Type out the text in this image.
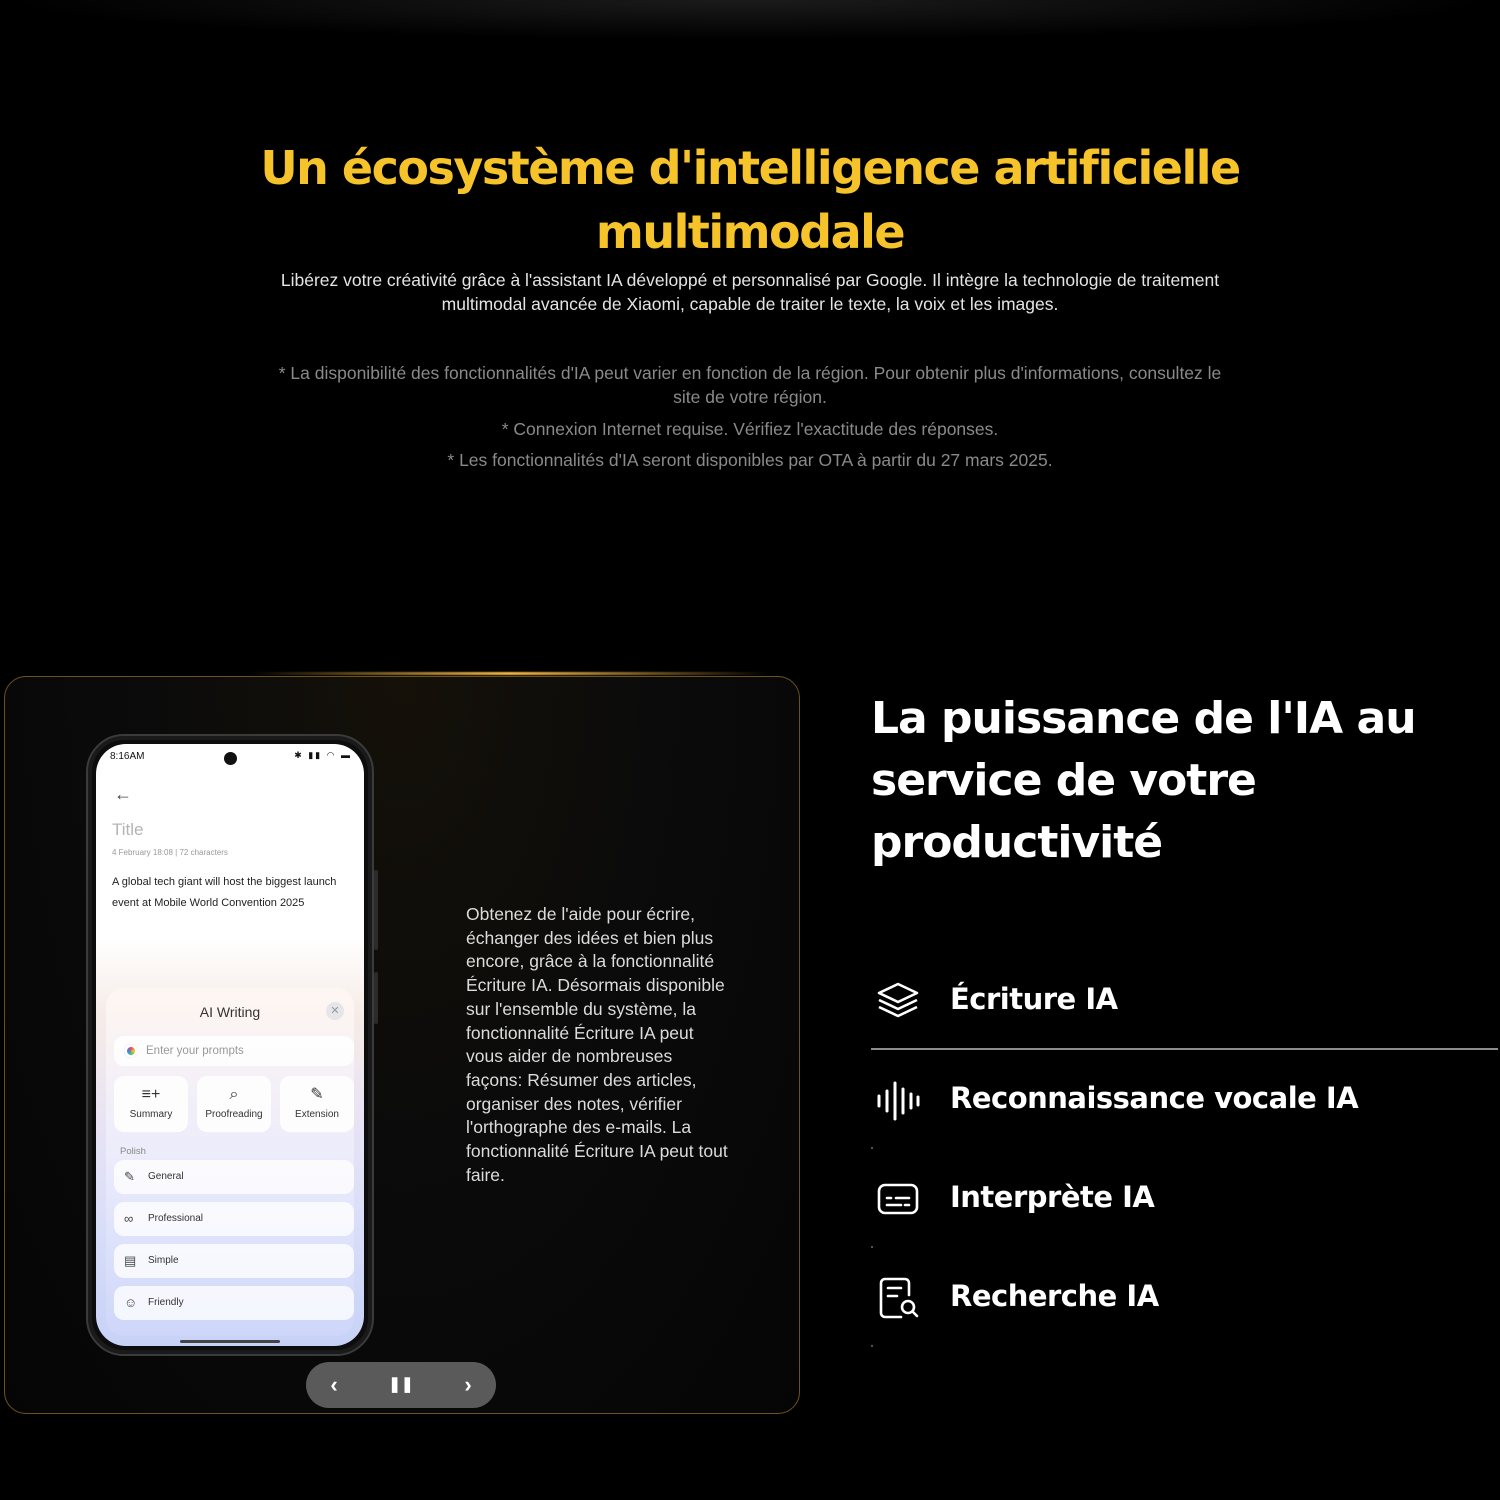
Un écosystème d'intelligence artificielle
multimodale

Libérez votre créativité grâce à l'assistant IA développé et personnalisé par Google. Il intègre la technologie de traitement multimodal avancée de Xiaomi, capable de traiter le texte, la voix et les images.

* La disponibilité des fonctionnalités d'IA peut varier en fonction de la région. Pour obtenir plus d'informations, consultez le site de votre région.

* Connexion Internet requise. Vérifiez l'exactitude des réponses.

* Les fonctionnalités d'IA seront disponibles par OTA à partir du 27 mars 2025.

8:16AM	✱ ▮▮ ◠ ▬
←
Title
4 February 18:08 | 72 characters
A global tech giant will host the biggest launch event at Mobile World Convention 2025
AI Writing	✕
Enter your prompts
≡+
Summary
⌕
Proofreading
✎
Extension
Polish
✎ General
∞ Professional
▤ Simple
☺ Friendly

Obtenez de l'aide pour écrire, échanger des idées et bien plus encore, grâce à la fonctionnalité Écriture IA. Désormais disponible sur l'ensemble du système, la fonctionnalité Écriture IA peut vous aider de nombreuses façons: Résumer des articles, organiser des notes, vérifier l'orthographe des e-mails. La fonctionnalité Écriture IA peut tout faire.

‹	❚❚	›
La puissance de l'IA au service de votre productivité
Écriture IA
Reconnaissance vocale IA
Interprète IA
Recherche IA
